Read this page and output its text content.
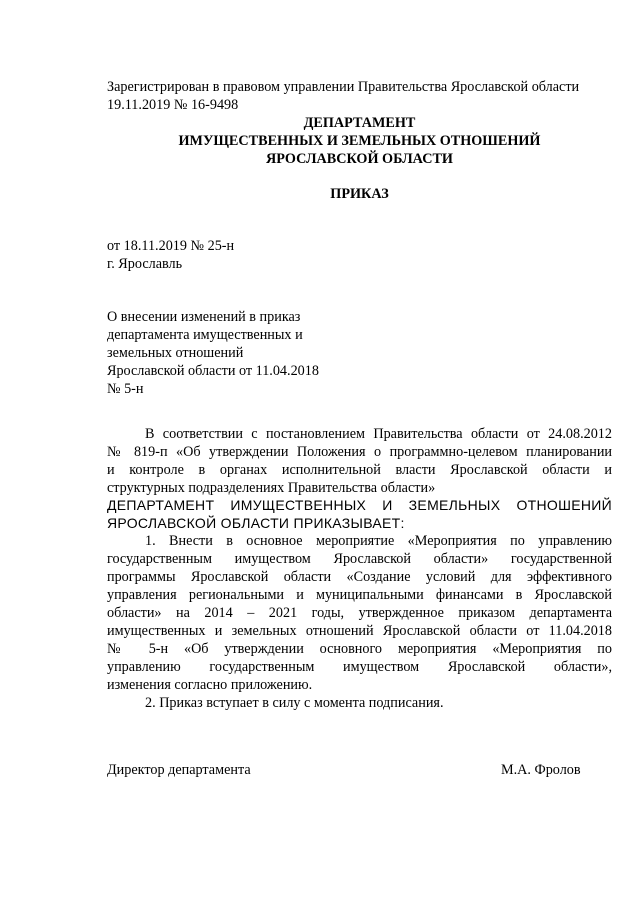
Зарегистрирован в правовом управлении Правительства Ярославской области
19.11.2019 № 16-9498
ДЕПАРТАМЕНТ
ИМУЩЕСТВЕННЫХ И ЗЕМЕЛЬНЫХ ОТНОШЕНИЙ
ЯРОСЛАВСКОЙ ОБЛАСТИ
ПРИКАЗ
от 18.11.2019 № 25-н
г. Ярославль
О внесении изменений в приказ
департамента имущественных и
земельных отношений
Ярославской области от 11.04.2018
№ 5-н
В соответствии с постановлением Правительства области от 24.08.2012
№ 819-п «Об утверждении Положения о программно-целевом планировании
и контроле в органах исполнительной власти Ярославской области и
структурных подразделениях Правительства области»
ДЕПАРТАМЕНТ ИМУЩЕСТВЕННЫХ И ЗЕМЕЛЬНЫХ ОТНОШЕНИЙ
ЯРОСЛАВСКОЙ ОБЛАСТИ ПРИКАЗЫВАЕТ:
1. Внести в основное мероприятие «Мероприятия по управлению
государственным имуществом Ярославской области» государственной
программы Ярославской области «Создание условий для эффективного
управления региональными и муниципальными финансами в Ярославской
области» на 2014 – 2021 годы, утвержденное приказом департамента
имущественных и земельных отношений Ярославской области от 11.04.2018
№ 5-н «Об утверждении основного мероприятия «Мероприятия по
управлению государственным имуществом Ярославской области»,
изменения согласно приложению.
2. Приказ вступает в силу с момента подписания.
Директор департамента	М.А. Фролов
